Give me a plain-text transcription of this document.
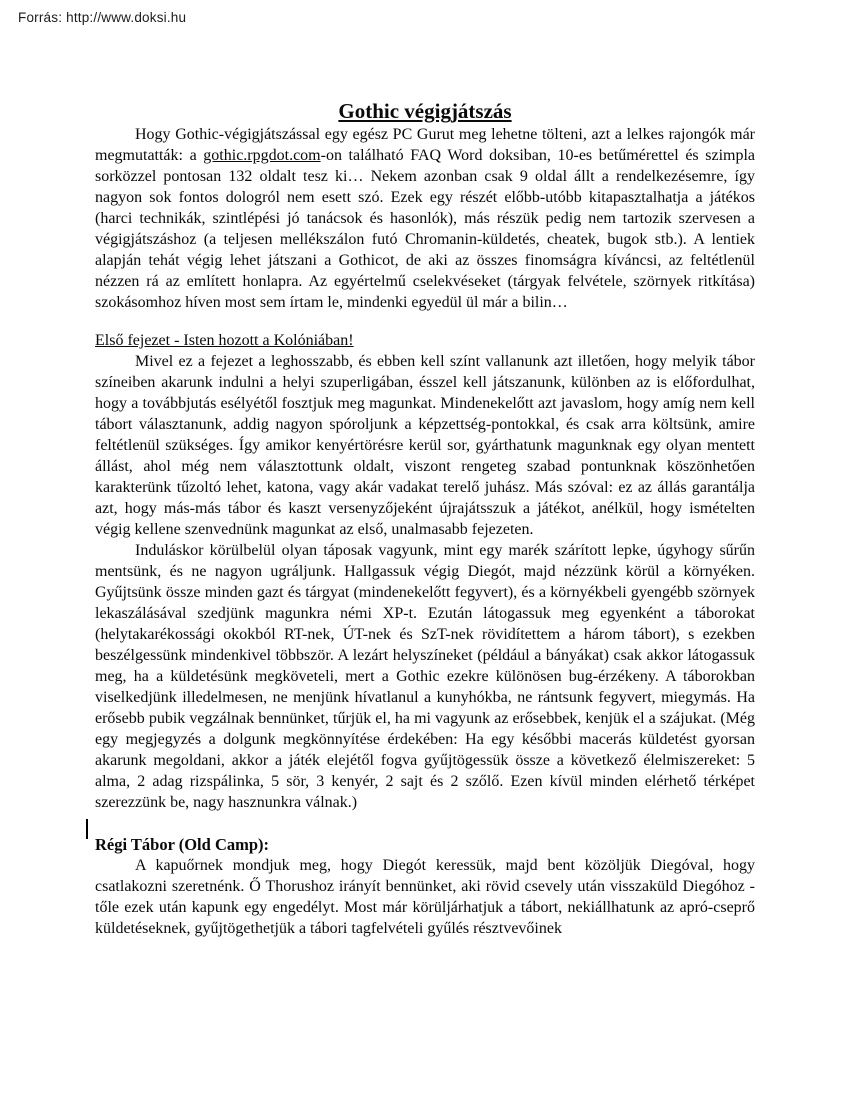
Forrás: http://www.doksi.hu
Gothic végigjátszás

Hogy Gothic-végigjátszással egy egész PC Gurut meg lehetne tölteni, azt a lelkes rajongók már megmutatták: a gothic.rpgdot.com-on található FAQ Word doksiban, 10-es betűmérettel és szimpla sorközzel pontosan 132 oldalt tesz ki… Nekem azonban csak 9 oldal állt a rendelkezésemre, így nagyon sok fontos dologról nem esett szó. Ezek egy részét előbb-utóbb kitapasztalhatja a játékos (harci technikák, szintlépési jó tanácsok és hasonlók), más részük pedig nem tartozik szervesen a végigjátszáshoz (a teljesen mellékszálon futó Chromanin-küldetés, cheatek, bugok stb.). A lentiek alapján tehát végig lehet játszani a Gothicot, de aki az összes finomságra kíváncsi, az feltétlenül nézzen rá az említett honlapra. Az egyértelmű cselekvéseket (tárgyak felvétele, szörnyek ritkítása) szokásomhoz híven most sem írtam le, mindenki egyedül ül már a bilin…

Első fejezet - Isten hozott a Kolóniában!

Mivel ez a fejezet a leghosszabb, és ebben kell színt vallanunk azt illetően, hogy melyik tábor színeiben akarunk indulni a helyi szuperligában, ésszel kell játszanunk, különben az is előfordulhat, hogy a továbbjutás esélyétől fosztjuk meg magunkat. Mindenekelőtt azt javaslom, hogy amíg nem kell tábort választanunk, addig nagyon spóroljunk a képzettség-pontokkal, és csak arra költsünk, amire feltétlenül szükséges. Így amikor kenyértörésre kerül sor, gyárthatunk magunknak egy olyan mentett állást, ahol még nem választottunk oldalt, viszont rengeteg szabad pontunknak köszönhetően karakterünk tűzoltó lehet, katona, vagy akár vadakat terelő juhász. Más szóval: ez az állás garantálja azt, hogy más-más tábor és kaszt versenyzőjeként újrajátsszuk a játékot, anélkül, hogy ismételten végig kellene szenvednünk magunkat az első, unalmasabb fejezeten.

Induláskor körülbelül olyan táposak vagyunk, mint egy marék szárított lepke, úgyhogy sűrűn mentsünk, és ne nagyon ugráljunk. Hallgassuk végig Diegót, majd nézzünk körül a környéken. Gyűjtsünk össze minden gazt és tárgyat (mindenekelőtt fegyvert), és a környékbeli gyengébb szörnyek lekaszálásával szedjünk magunkra némi XP-t. Ezután látogassuk meg egyenként a táborokat (helytakarékossági okokból RT-nek, ÚT-nek és SzT-nek rövidítettem a három tábort), s ezekben beszélgessünk mindenkivel többször. A lezárt helyszíneket (például a bányákat) csak akkor látogassuk meg, ha a küldetésünk megköveteli, mert a Gothic ezekre különösen bug-érzékeny. A táborokban viselkedjünk illedelmesen, ne menjünk hívatlanul a kunyhókba, ne rántsunk fegyvert, miegymás. Ha erősebb pubik vegzálnak bennünket, tűrjük el, ha mi vagyunk az erősebbek, kenjük el a szájukat. (Még egy megjegyzés a dolgunk megkönnyítése érdekében: Ha egy későbbi macerás küldetést gyorsan akarunk megoldani, akkor a játék elejétől fogva gyűjtögessük össze a következő élelmiszereket: 5 alma, 2 adag rizspálinka, 5 sör, 3 kenyér, 2 sajt és 2 szőlő. Ezen kívül minden elérhető térképet szerezzünk be, nagy hasznunkra válnak.)

Régi Tábor (Old Camp):

A kapuőrnek mondjuk meg, hogy Diegót keressük, majd bent közöljük Diegóval, hogy csatlakozni szeretnénk. Ő Thorushoz irányít bennünket, aki rövid csevely után visszaküld Diegóhoz - tőle ezek után kapunk egy engedélyt. Most már körüljárhatjuk a tábort, nekiállhatunk az apró-cseprő küldetéseknek, gyűjtögethetjük a tábori tagfelvételi gyűlés résztvevőinek
